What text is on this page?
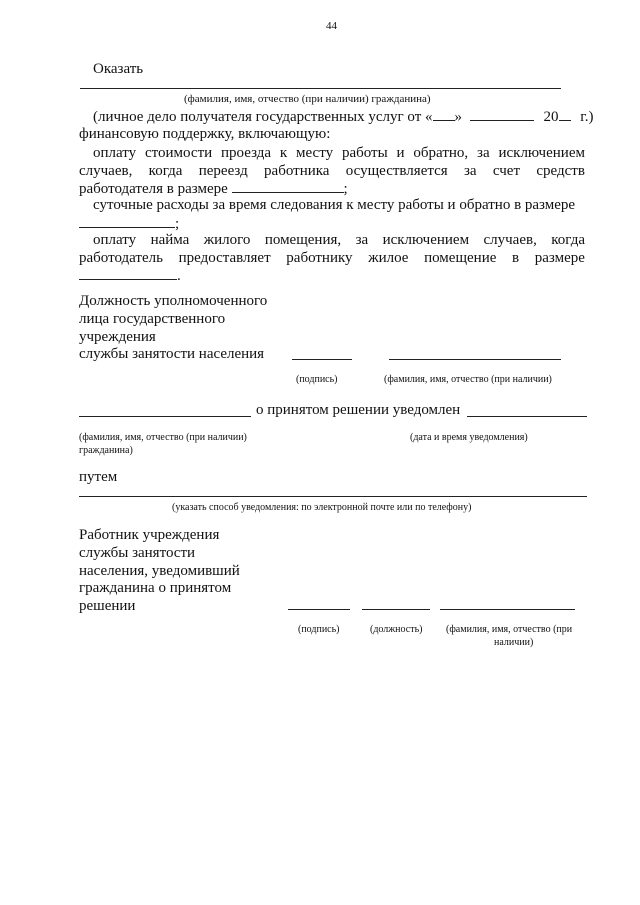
44
Оказать
(фамилия, имя, отчество (при наличии) гражданина)
(личное дело получателя государственных услуг от « »	20 г.)
финансовую поддержку, включающую:
оплату стоимости проезда к месту работы и обратно, за исключением
случаев, когда переезд работника осуществляется за счет средств
работодателя в размере	;
суточные расходы за время следования к месту работы и обратно в размере
;
оплату найма жилого помещения, за исключением случаев, когда
работодатель предоставляет работнику жилое помещение в размере
.
Должность уполномоченного
лица государственного
учреждения
службы занятости населения
(подпись)	(фамилия, имя, отчество (при наличии)
о принятом решении уведомлен
(фамилия, имя, отчество (при наличии)
гражданина)
(дата и время уведомления)
путем
(указать способ уведомления: по электронной почте или по телефону)
Работник учреждения
службы занятости
населения, уведомивший
гражданина о принятом
решении
(подпись)	(должность) (фамилия, имя, отчество (при
наличии)
